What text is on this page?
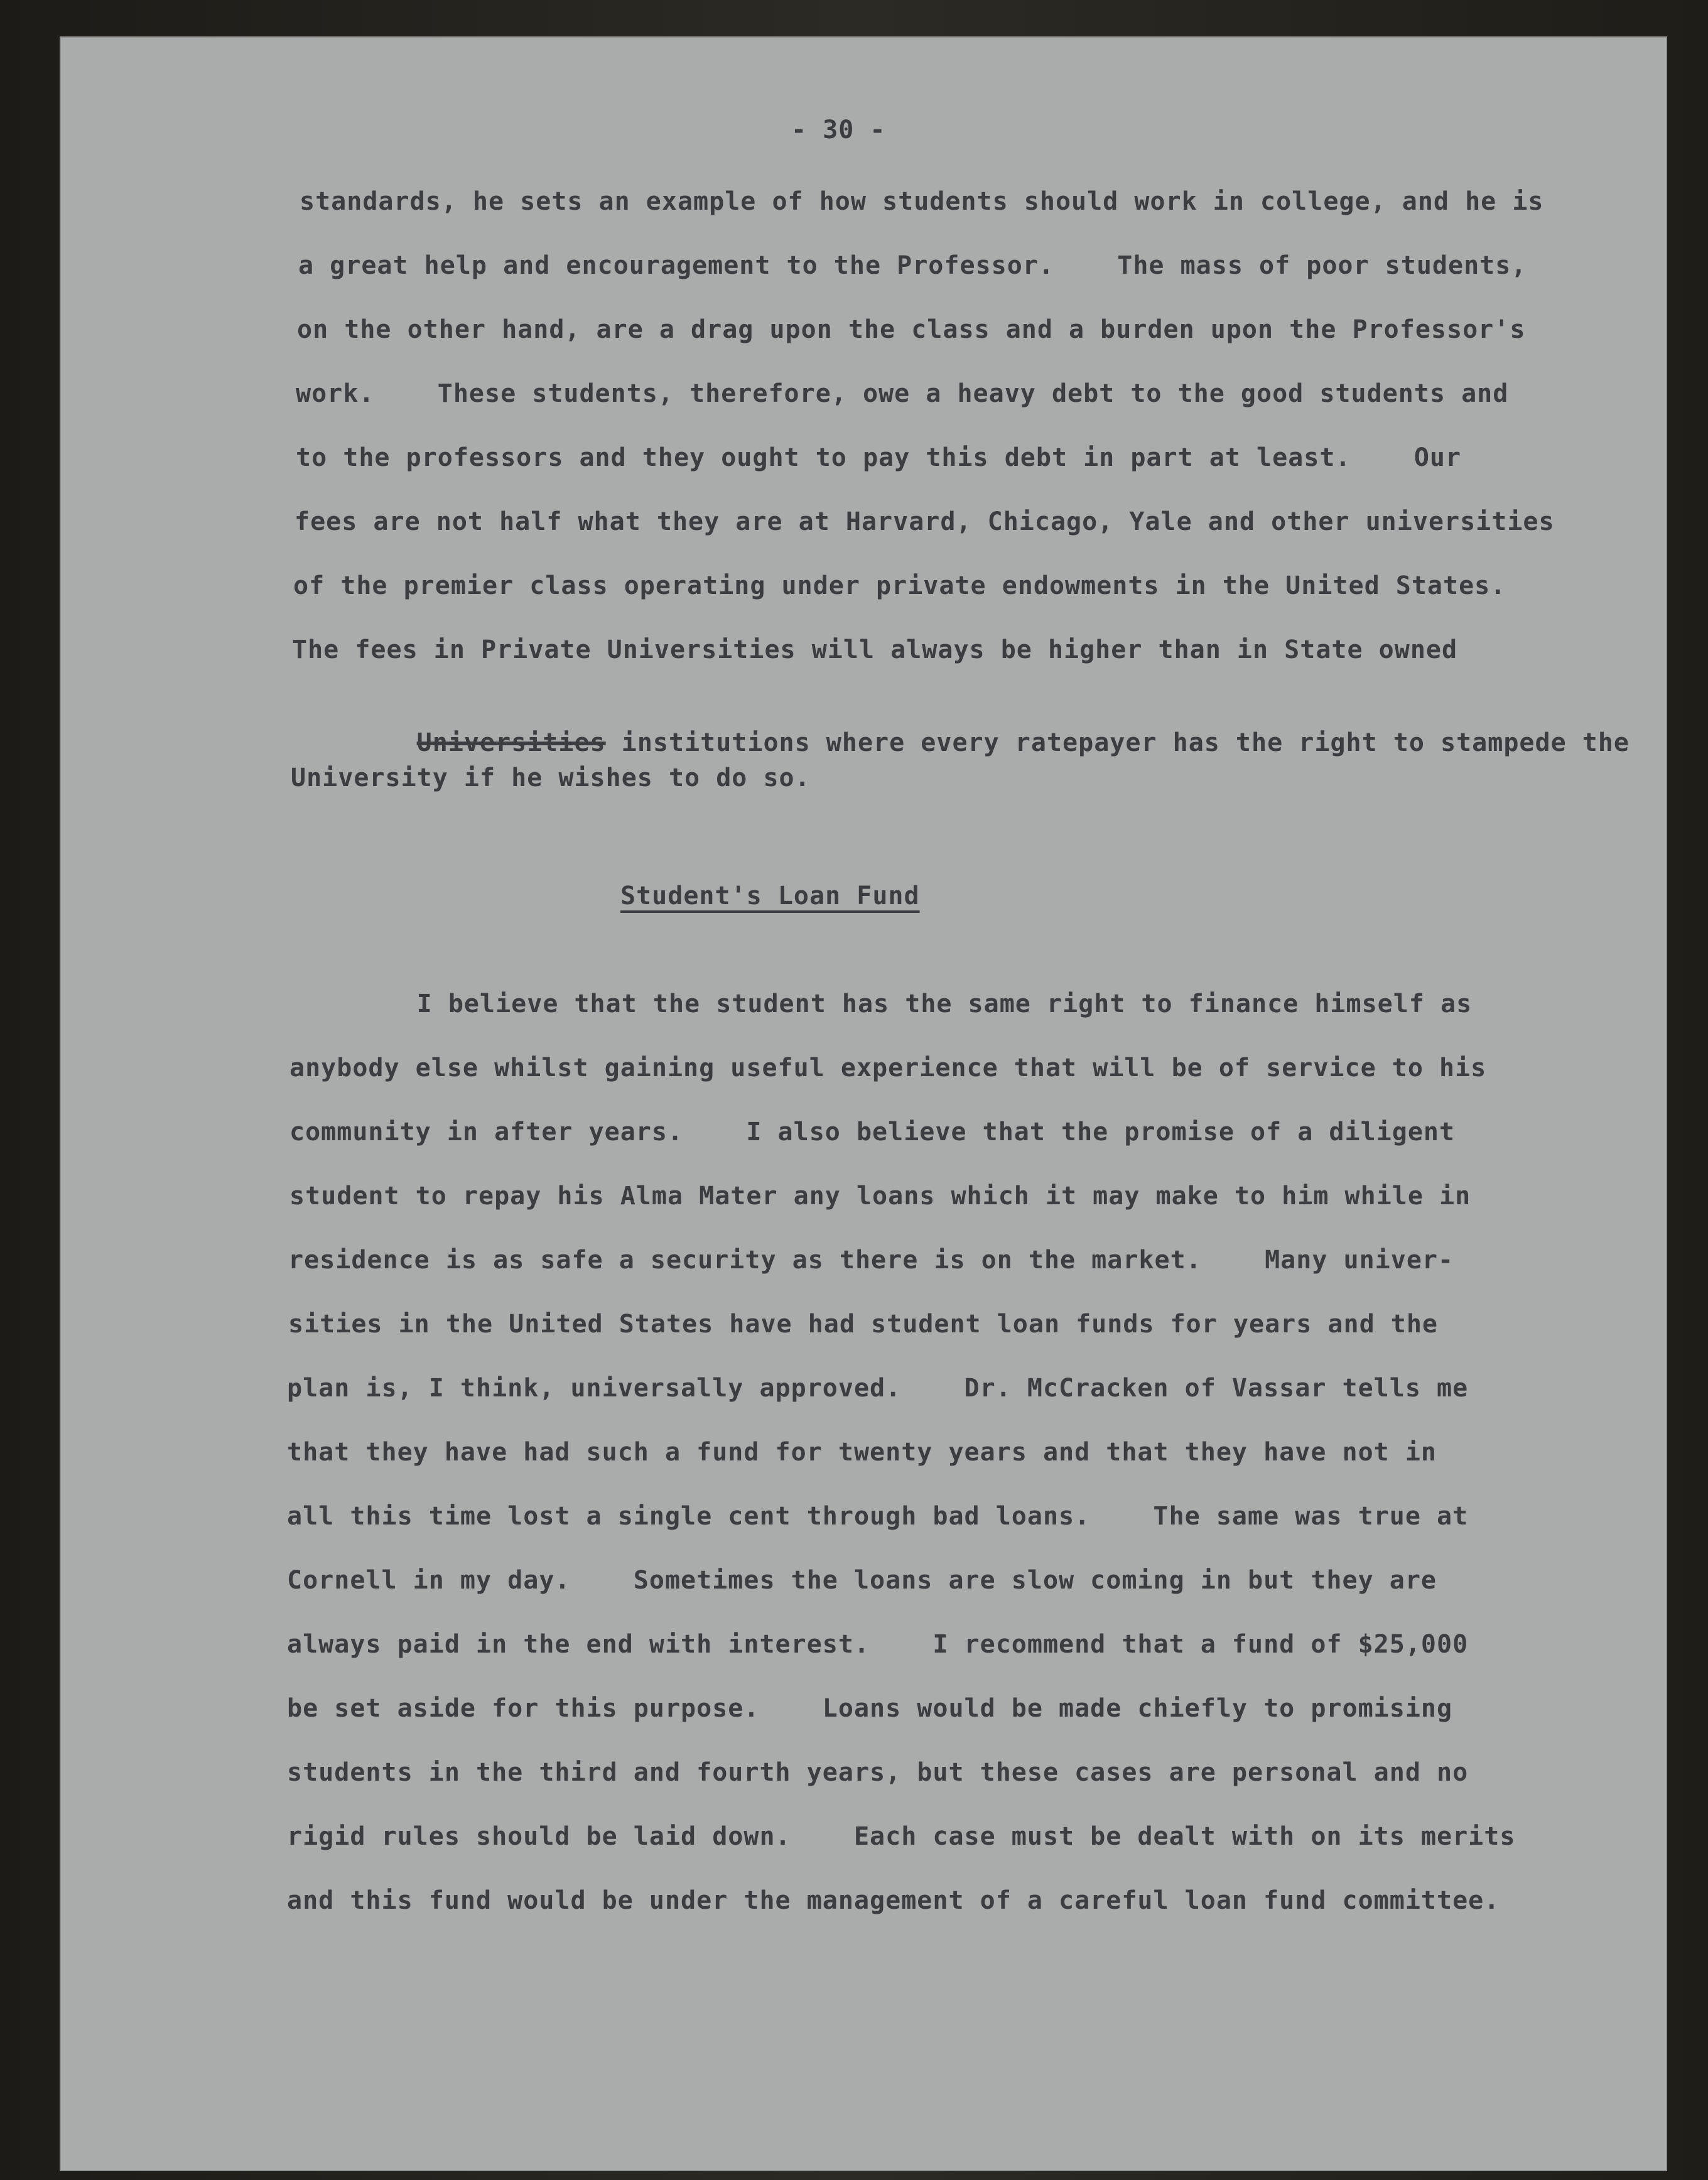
- 30 -
standards, he sets an example of how students should work in college, and he is
a great help and encouragement to the Professor.    The mass of poor students,
on the other hand, are a drag upon the class and a burden upon the Professor's
work.    These students, therefore, owe a heavy debt to the good students and
to the professors and they ought to pay this debt in part at least.    Our
fees are not half what they are at Harvard, Chicago, Yale and other universities
of the premier class operating under private endowments in the United States.
The fees in Private Universities will always be higher than in State owned

Universities institutions where every ratepayer has the right to stampede the

University if he wishes to do so.
Student's Loan Fund
I believe that the student has the same right to finance himself as
anybody else whilst gaining useful experience that will be of service to his
community in after years.    I also believe that the promise of a diligent
student to repay his Alma Mater any loans which it may make to him while in
residence is as safe a security as there is on the market.    Many univer-
sities in the United States have had student loan funds for years and the
plan is, I think, universally approved.    Dr. McCracken of Vassar tells me
that they have had such a fund for twenty years and that they have not in
all this time lost a single cent through bad loans.    The same was true at
Cornell in my day.    Sometimes the loans are slow coming in but they are
always paid in the end with interest.    I recommend that a fund of $25,000
be set aside for this purpose.    Loans would be made chiefly to promising
students in the third and fourth years, but these cases are personal and no
rigid rules should be laid down.    Each case must be dealt with on its merits
and this fund would be under the management of a careful loan fund committee.
